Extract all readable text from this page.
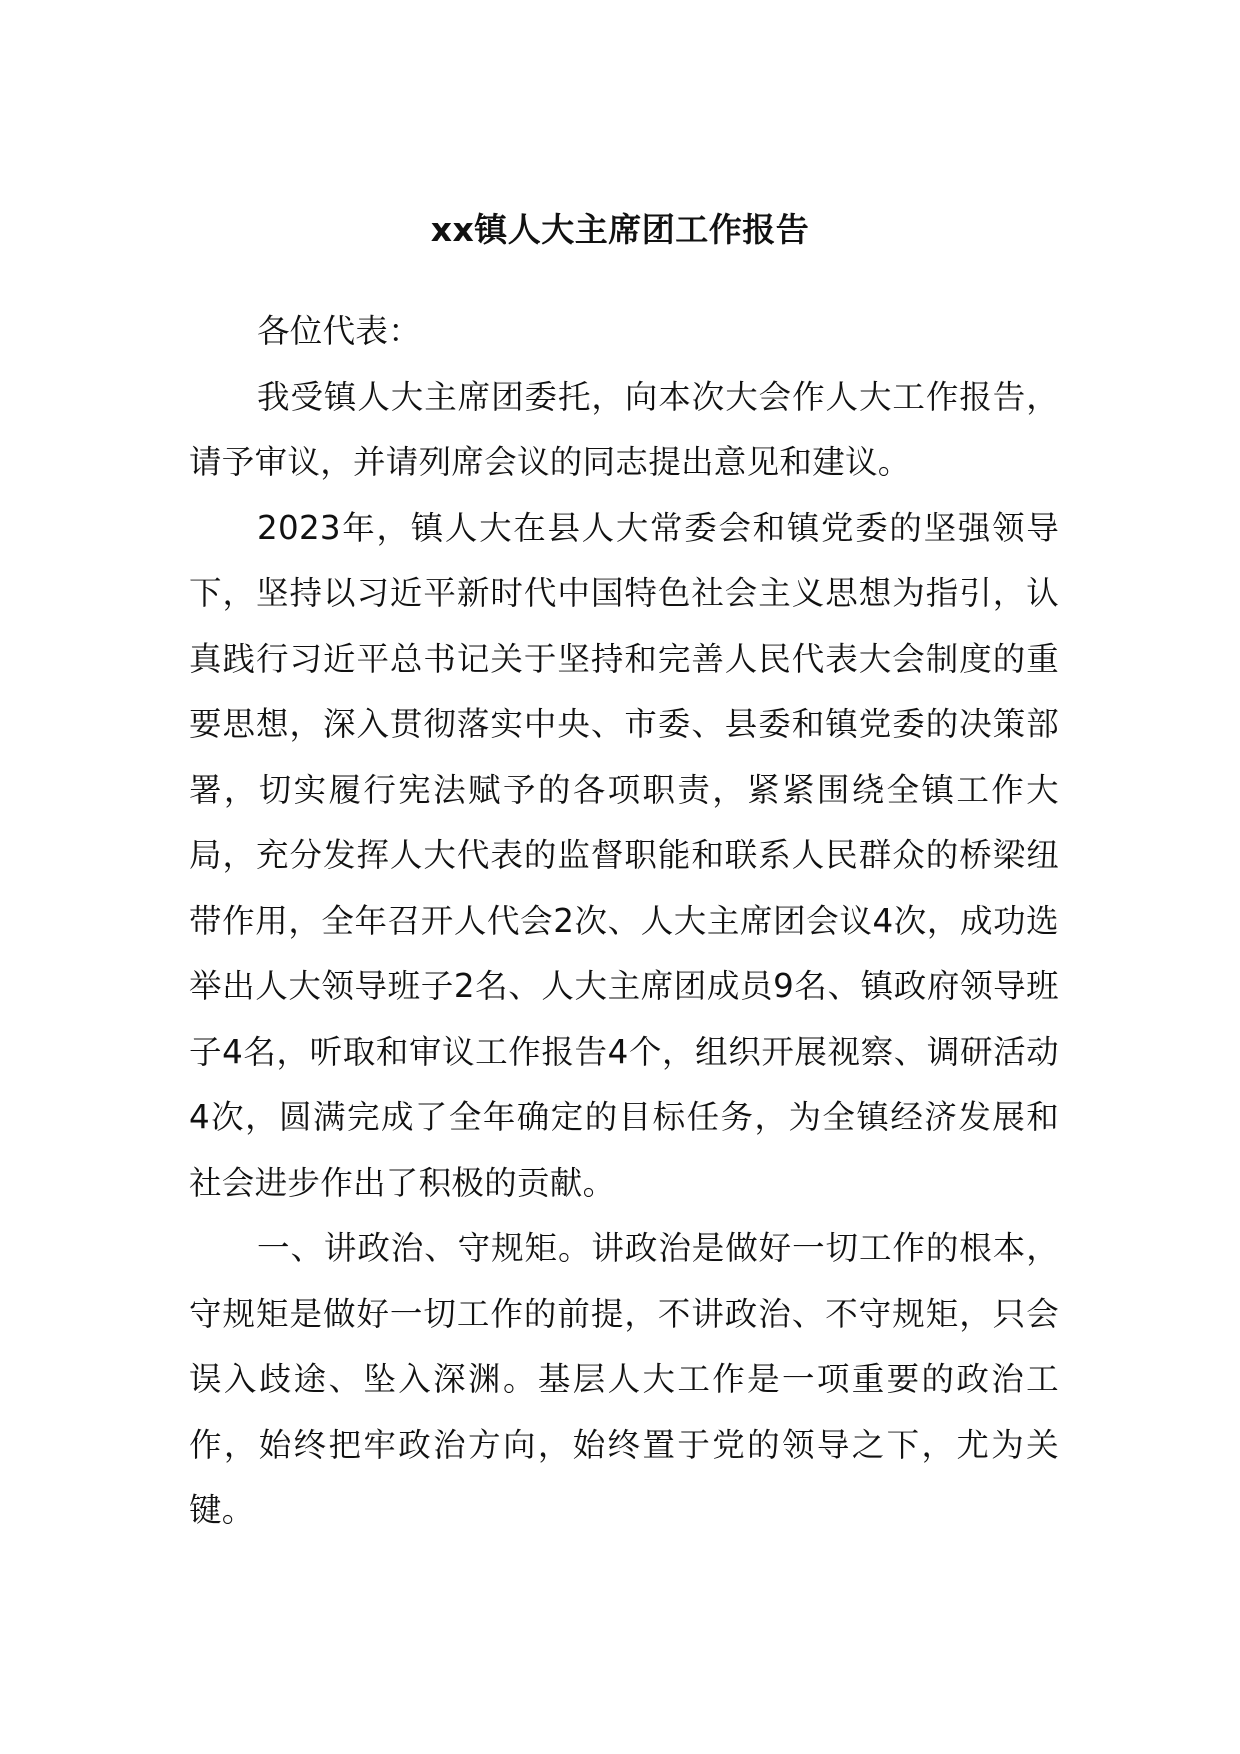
xx镇人大主席团工作报告

各位代表：

我受镇人大主席团委托，向本次大会作人大工作报告，请予审议，并请列席会议的同志提出意见和建议。

2023年，镇人大在县人大常委会和镇党委的坚强领导下，坚持以习近平新时代中国特色社会主义思想为指引，认真践行习近平总书记关于坚持和完善人民代表大会制度的重要思想，深入贯彻落实中央、市委、县委和镇党委的决策部署，切实履行宪法赋予的各项职责，紧紧围绕全镇工作大局，充分发挥人大代表的监督职能和联系人民群众的桥梁纽带作用，全年召开人代会2次、人大主席团会议4次，成功选举出人大领导班子2名、人大主席团成员9名、镇政府领导班子4名，听取和审议工作报告4个，组织开展视察、调研活动4次，圆满完成了全年确定的目标任务，为全镇经济发展和社会进步作出了积极的贡献。

一、讲政治、守规矩。讲政治是做好一切工作的根本，守规矩是做好一切工作的前提，不讲政治、不守规矩，只会误入歧途、坠入深渊。基层人大工作是一项重要的政治工作，始终把牢政治方向，始终置于党的领导之下，尤为关键。
